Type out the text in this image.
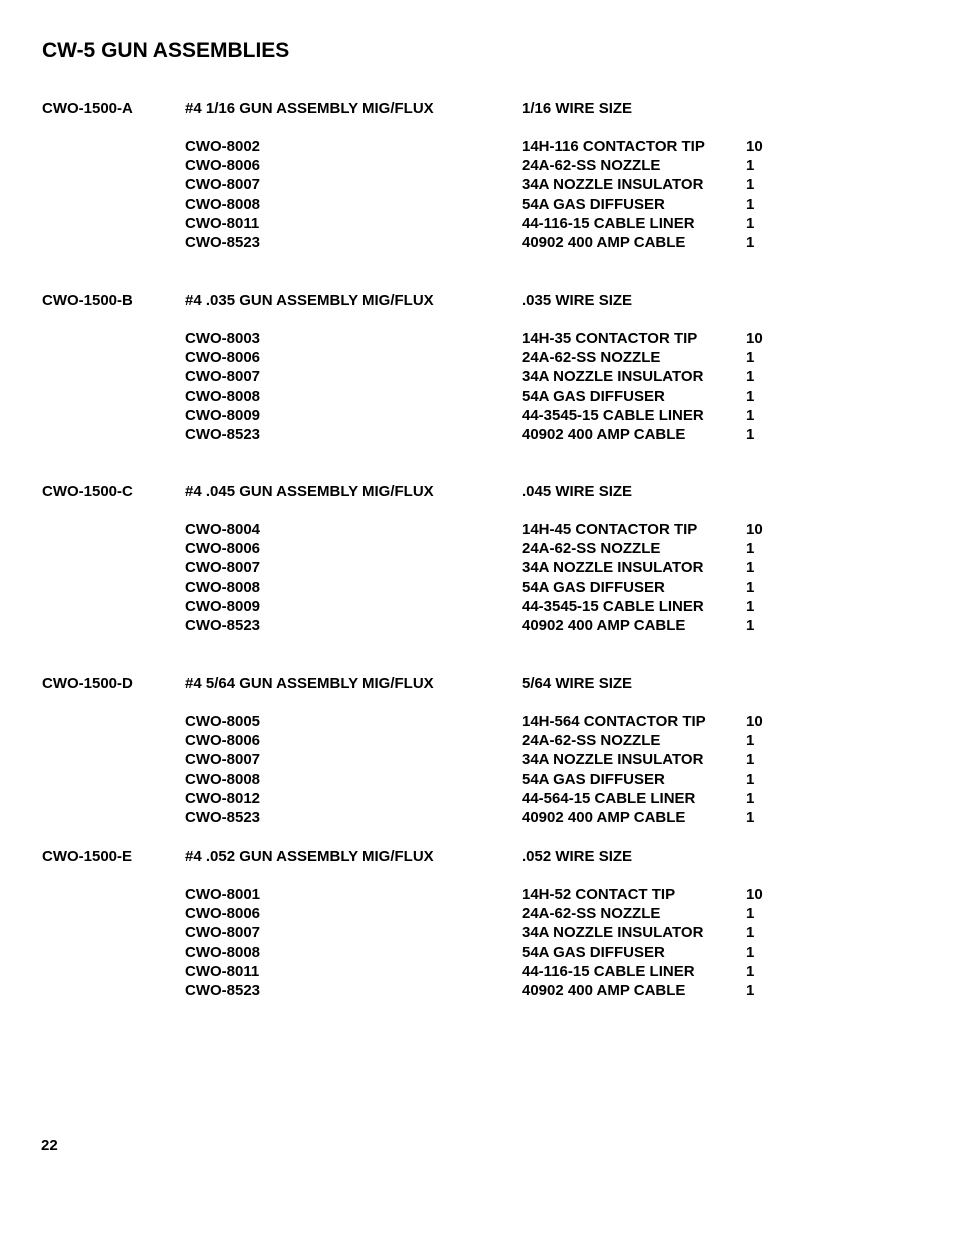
CW-5 GUN ASSEMBLIES
CWO-1500-A	#4 1/16 GUN ASSEMBLY MIG/FLUX	1/16 WIRE SIZE
CWO-8002	14H-116 CONTACTOR TIP	10
CWO-8006	24A-62-SS NOZZLE	1
CWO-8007	34A NOZZLE INSULATOR	1
CWO-8008	54A GAS DIFFUSER	1
CWO-8011	44-116-15 CABLE LINER	1
CWO-8523	40902 400 AMP CABLE	1
CWO-1500-B	#4 .035 GUN ASSEMBLY MIG/FLUX	.035 WIRE SIZE
CWO-8003	14H-35 CONTACTOR TIP	10
CWO-8006	24A-62-SS NOZZLE	1
CWO-8007	34A NOZZLE INSULATOR	1
CWO-8008	54A GAS DIFFUSER	1
CWO-8009	44-3545-15 CABLE LINER	1
CWO-8523	40902 400 AMP CABLE	1
CWO-1500-C	#4 .045 GUN ASSEMBLY MIG/FLUX	.045 WIRE SIZE
CWO-8004	14H-45 CONTACTOR TIP	10
CWO-8006	24A-62-SS NOZZLE	1
CWO-8007	34A NOZZLE INSULATOR	1
CWO-8008	54A GAS DIFFUSER	1
CWO-8009	44-3545-15 CABLE LINER	1
CWO-8523	40902 400 AMP CABLE	1
CWO-1500-D	#4 5/64 GUN ASSEMBLY MIG/FLUX	5/64 WIRE SIZE
CWO-8005	14H-564 CONTACTOR TIP	10
CWO-8006	24A-62-SS NOZZLE	1
CWO-8007	34A NOZZLE INSULATOR	1
CWO-8008	54A GAS DIFFUSER	1
CWO-8012	44-564-15 CABLE LINER	1
CWO-8523	40902 400 AMP CABLE	1
CWO-1500-E	#4 .052 GUN ASSEMBLY MIG/FLUX	.052 WIRE SIZE
CWO-8001	14H-52 CONTACT TIP	10
CWO-8006	24A-62-SS NOZZLE	1
CWO-8007	34A NOZZLE INSULATOR	1
CWO-8008	54A GAS DIFFUSER	1
CWO-8011	44-116-15 CABLE LINER	1
CWO-8523	40902 400 AMP CABLE	1
22
